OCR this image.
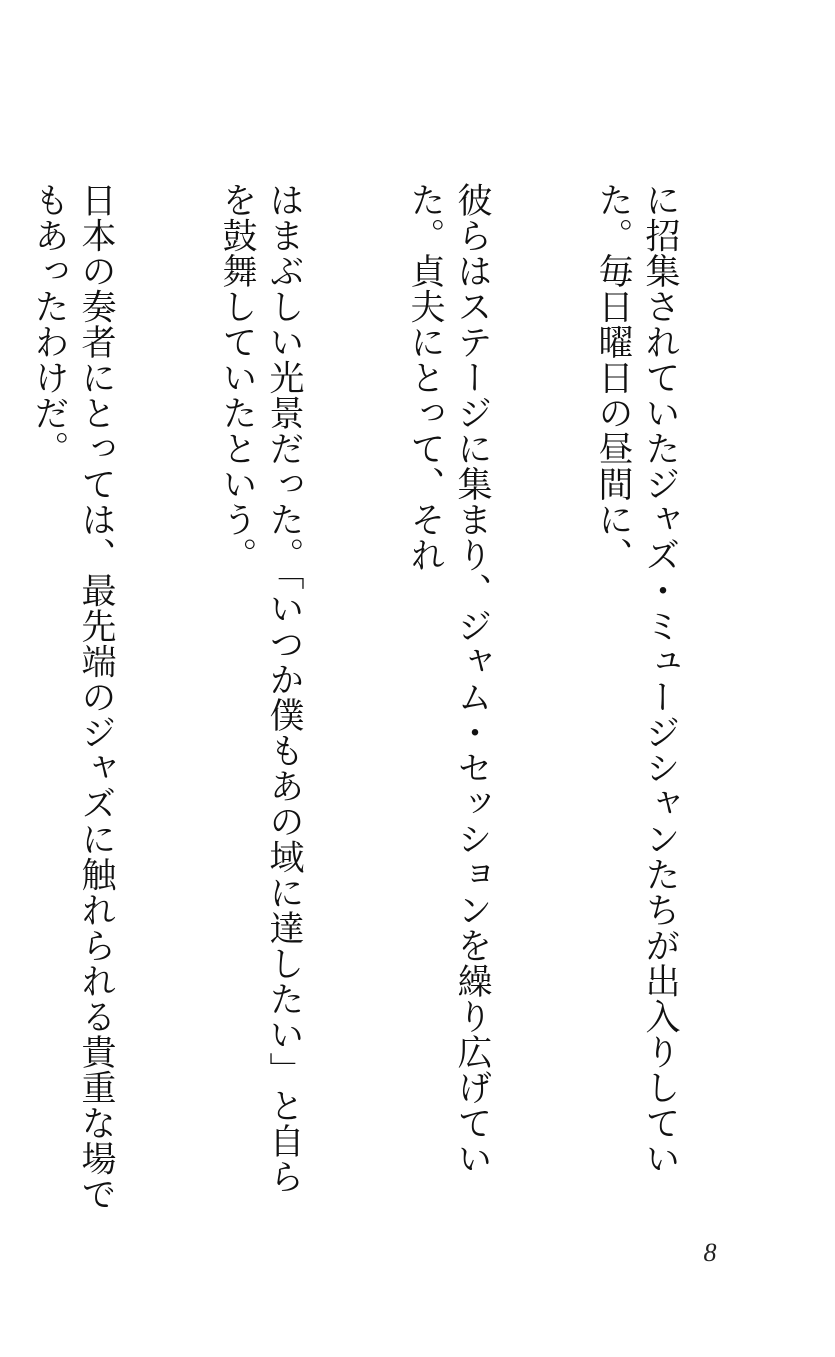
に招集されていたジャズ・ミュージシャンたちが出入りしていた。毎日曜日の昼間に、

彼らはステージに集まり、ジャム・セッションを繰り広げていた。貞夫にとって、それ

はまぶしい光景だった。「いつか僕もあの域に達したい」と自らを鼓舞していたという。

日本の奏者にとっては、最先端のジャズに触れられる貴重な場でもあったわけだ。

8
